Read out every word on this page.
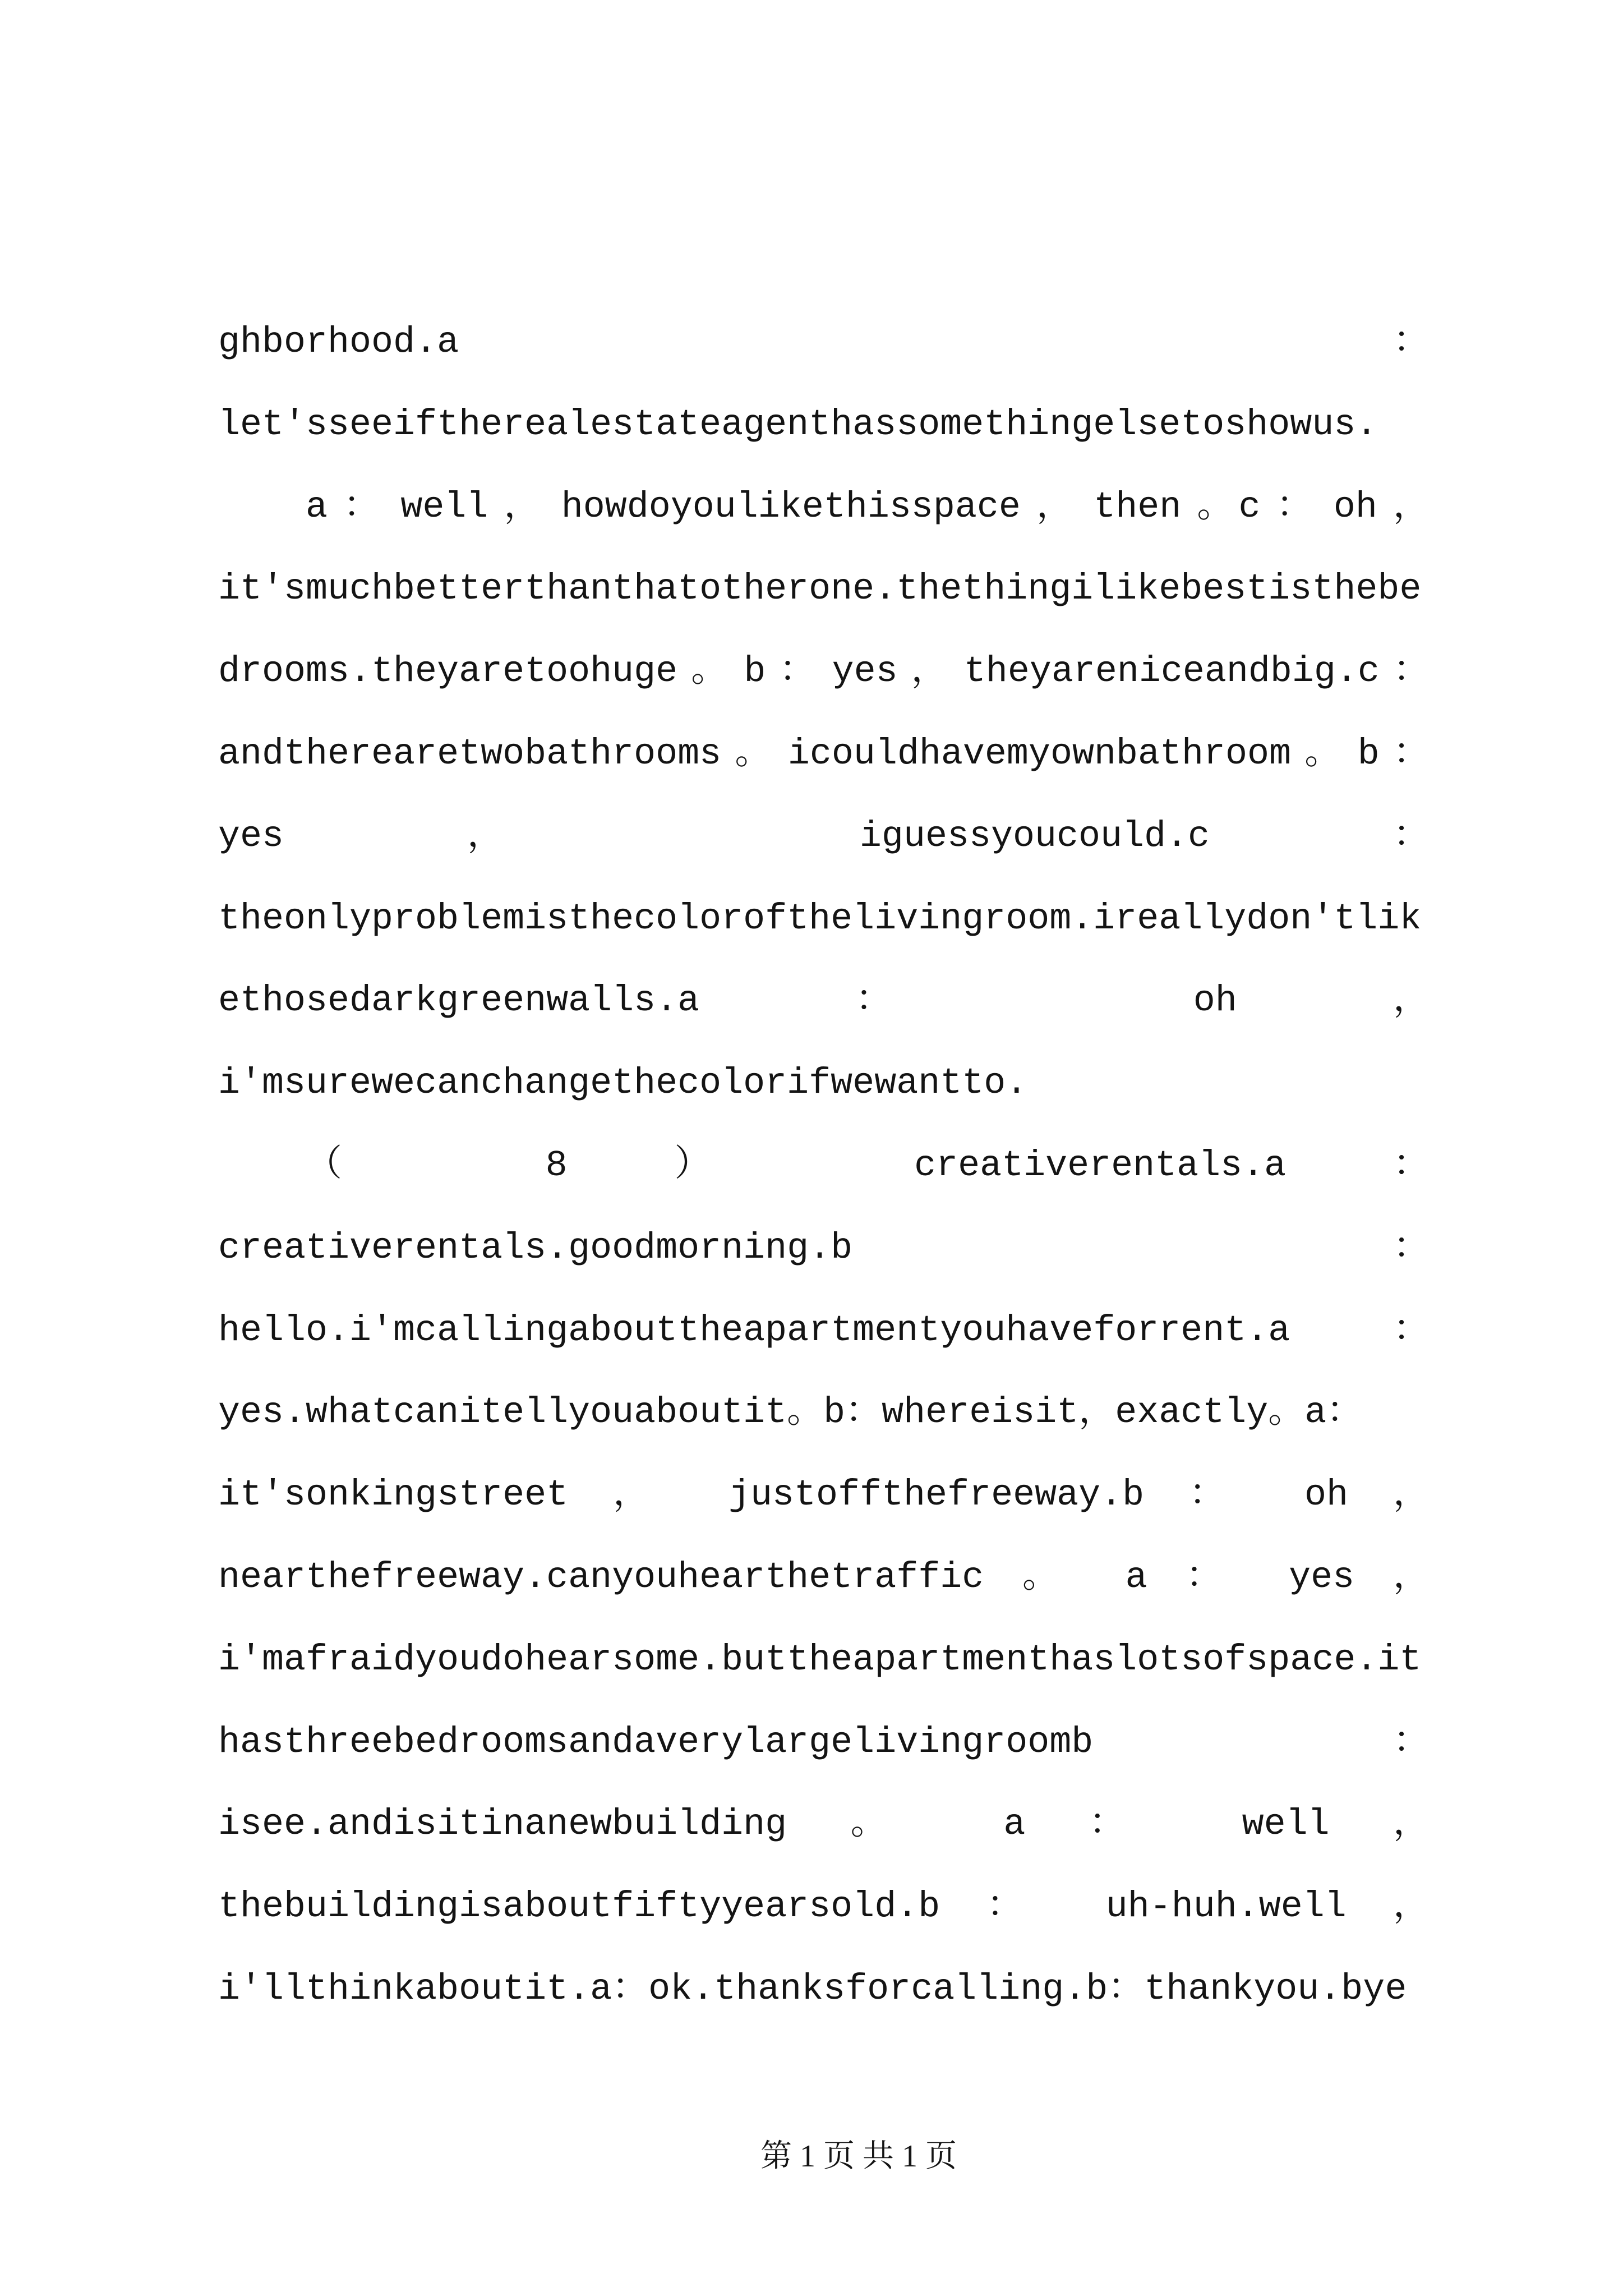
ghborhood.a ：
let'sseeiftherealestateagenthassomethingelsetoshowus.
a ： well ， howdoyoulikethisspace ， then 。c ： oh ，
it'smuchbetterthanthatotherone.thethingilikebestisthebe
drooms.theyaretoohuge 。 b ： yes ， theyareniceandbig.c ：
andtherearetwobathrooms 。 icouldhavemyownbathroom 。 b ：
yes ， iguessyoucould.c ：
theonlyproblemisthecolorofthelivingroom.ireallydon'tlik
ethosedarkgreenwalls.a ： oh ，
i'msurewecanchangethecolorifwewantto.
（ 8 ） creativerentals.a ：
creativerentals.goodmorning.b ：
hello.i'mcallingabouttheapartmentyouhaveforrent.a ：
yes.whatcanitellyouaboutit。b：whereisit，exactly。a：
it'sonkingstreet ， justoffthefreeway.b ： oh ，
nearthefreeway.canyouhearthetraffic 。 a ： yes ，
i'mafraidyoudohearsome.buttheapartmenthaslotsofspace.it
hasthreebedroomsandaverylargelivingroomb ：
isee.andisitinanewbuilding 。 a ： well ，
thebuildingisaboutfiftyyearsold.b ： uh-huh.well ，
i'llthinkaboutit.a：ok.thanksforcalling.b：thankyou.bye
第 1 页 共 1 页
